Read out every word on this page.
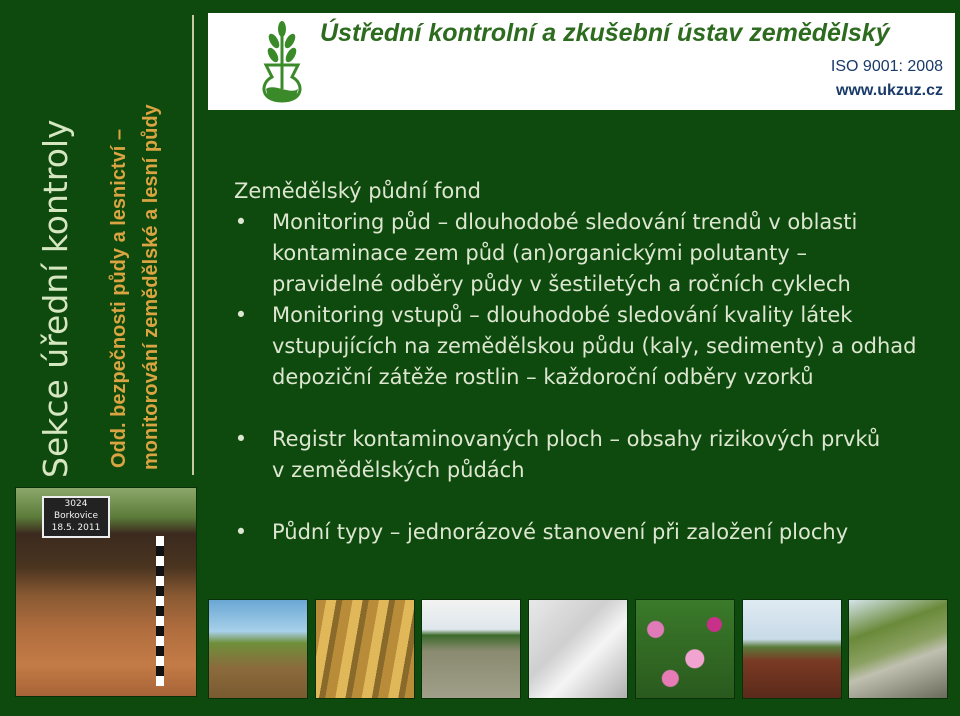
Sekce úřední kontroly Odd. bezpečnosti půdy a lesnictví – monitorování zemědělské a lesní půdy
Ústřední kontrolní a zkušební ústav zemědělský
ISO 9001: 2008
www.ukzuz.cz
Zemědělský půdní fond
• Monitoring půd – dlouhodobé sledování trendů v oblasti
kontaminace zem půd (an)organickými polutanty –
pravidelné odběry půdy v šestiletých a ročních cyklech
• Monitoring vstupů – dlouhodobé sledování kvality látek
vstupujících na zemědělskou půdu (kaly, sedimenty) a odhad
depoziční zátěže rostlin – každoroční odběry vzorků
• Registr kontaminovaných ploch – obsahy rizikových prvků
v zemědělských půdách
• Půdní typy – jednorázové stanovení při založení plochy
3024
Borkovice
18.5. 2011
